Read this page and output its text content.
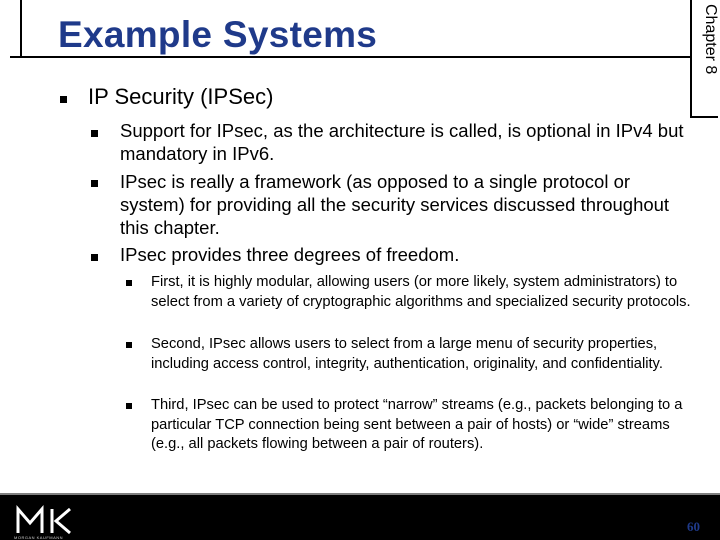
Example Systems	Chapter 8
IP Security (IPSec)
Support for IPsec, as the architecture is called, is optional in IPv4 but mandatory in IPv6.
IPsec is really a framework (as opposed to a single protocol or system) for providing all the security services discussed throughout this chapter.
IPsec provides three degrees of freedom.
First, it is highly modular, allowing users (or more likely, system administrators) to select from a variety of cryptographic algorithms and specialized security protocols.
Second, IPsec allows users to select from a large menu of security properties, including access control, integrity, authentication, originality, and confidentiality.
Third, IPsec can be used to protect “narrow” streams (e.g., packets belonging to a particular TCP connection being sent between a pair of hosts) or “wide” streams (e.g., all packets flowing between a pair of routers).
MORGAN KAUFMANN
60
